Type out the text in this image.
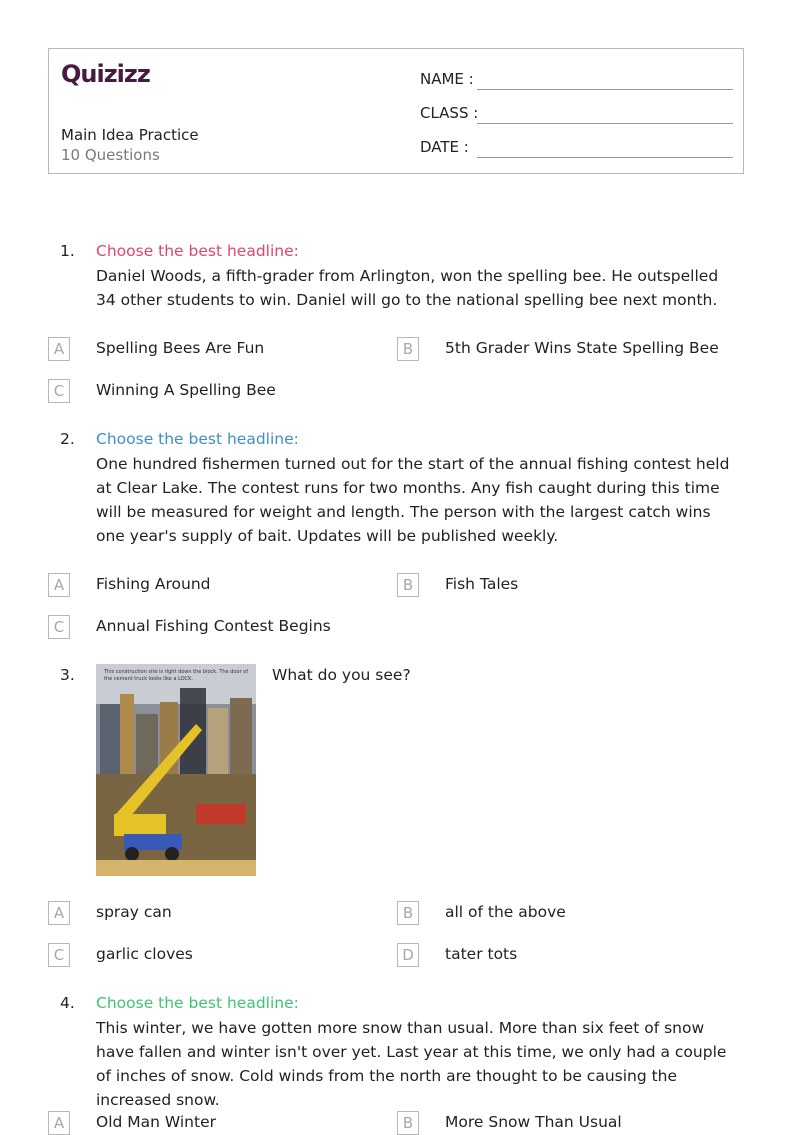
Quizizz
Main Idea Practice
10 Questions
NAME :
CLASS :
DATE :
1. Choose the best headline:
Daniel Woods, a fifth-grader from Arlington, won the spelling bee. He outspelled 34 other students to win. Daniel will go to the national spelling bee next month.
A	Spelling Bees Are Fun	B	5th Grader Wins State Spelling Bee
C	Winning A Spelling Bee
2. Choose the best headline:
One hundred fishermen turned out for the start of the annual fishing contest held at Clear Lake. The contest runs for two months. Any fish caught during this time will be measured for weight and length. The person with the largest catch wins one year's supply of bait. Updates will be published weekly.
A	Fishing Around	B	Fish Tales
C	Annual Fishing Contest Begins
3.	This construction site is right down the block. The door of the cement truck looks like a LOCK.	What do you see?
A	spray can	B	all of the above
C	garlic cloves	D	tater tots
4. Choose the best headline:
This winter, we have gotten more snow than usual. More than six feet of snow have fallen and winter isn't over yet. Last year at this time, we only had a couple of inches of snow. Cold winds from the north are thought to be causing the increased snow.
A	Old Man Winter	B	More Snow Than Usual
